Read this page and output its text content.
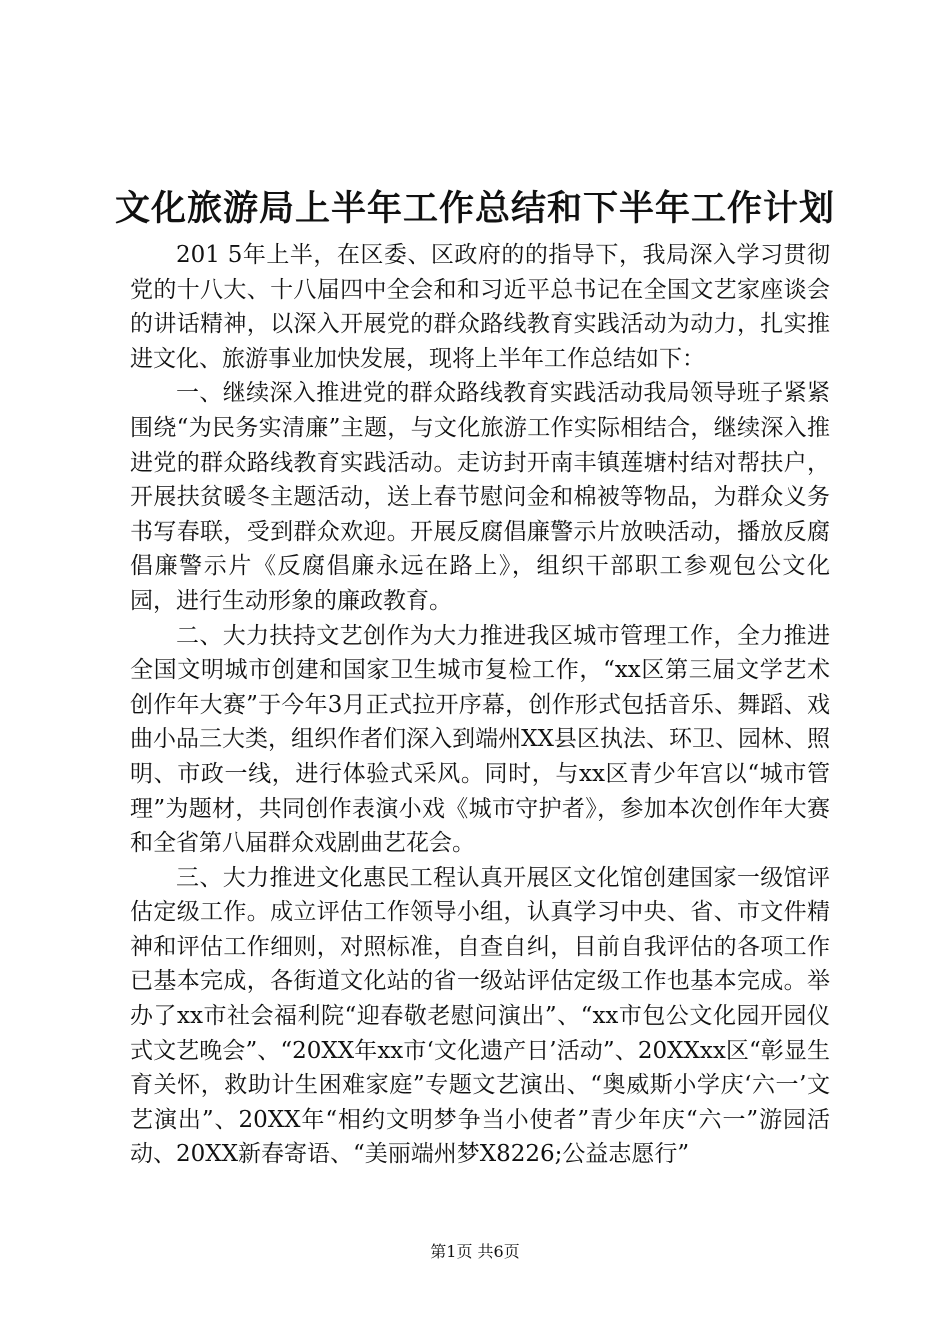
文化旅游局上半年工作总结和下半年工作计划

201 5年上半，在区委、区政府的的指导下，我局深入学习贯彻党的十八大、十八届四中全会和和习近平总书记在全国文艺家座谈会的讲话精神，以深入开展党的群众路线教育实践活动为动力，扎实推进文化、旅游事业加快发展，现将上半年工作总结如下：

一、继续深入推进党的群众路线教育实践活动我局领导班子紧紧围绕“为民务实清廉”主题，与文化旅游工作实际相结合，继续深入推进党的群众路线教育实践活动。走访封开南丰镇莲塘村结对帮扶户，开展扶贫暖冬主题活动，送上春节慰问金和棉被等物品，为群众义务书写春联，受到群众欢迎。开展反腐倡廉警示片放映活动，播放反腐倡廉警示片《反腐倡廉永远在路上》，组织干部职工参观包公文化园，进行生动形象的廉政教育。

二、大力扶持文艺创作为大力推进我区城市管理工作，全力推进全国文明城市创建和国家卫生城市复检工作，“xx区第三届文学艺术创作年大赛”于今年3月正式拉开序幕，创作形式包括音乐、舞蹈、戏曲小品三大类，组织作者们深入到端州XX县区执法、环卫、园林、照明、市政一线，进行体验式采风。同时，与xx区青少年宫以“城市管理”为题材，共同创作表演小戏《城市守护者》，参加本次创作年大赛和全省第八届群众戏剧曲艺花会。

三、大力推进文化惠民工程认真开展区文化馆创建国家一级馆评估定级工作。成立评估工作领导小组，认真学习中央、省、市文件精神和评估工作细则，对照标准，自查自纠，目前自我评估的各项工作已基本完成，各街道文化站的省一级站评估定级工作也基本完成。举办了xx市社会福利院“迎春敬老慰问演出”、“xx市包公文化园开园仪式文艺晚会”、“20XX年xx市‘文化遗产日’活动”、20XXxx区“彰显生育关怀，救助计生困难家庭”专题文艺演出、“奥威斯小学庆‘六一’文艺演出”、20XX年“相约文明梦争当小使者”青少年庆“六一”游园活动、20XX新春寄语、“美丽端州梦X8226;公益志愿行”

第1页 共6页
